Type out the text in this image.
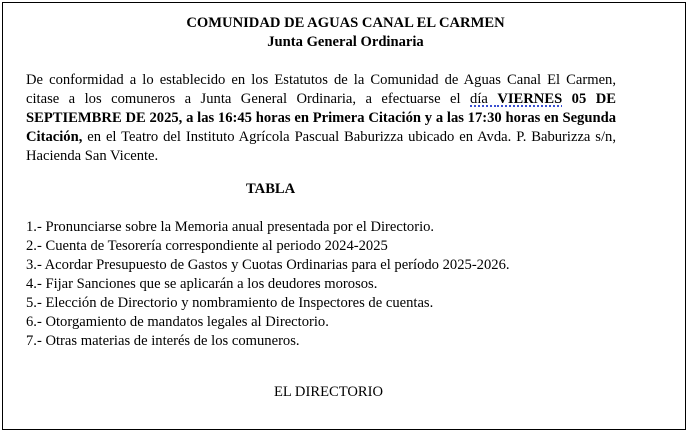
COMUNIDAD DE AGUAS CANAL EL CARMEN
Junta General Ordinaria

De conformidad a lo establecido en los Estatutos de la Comunidad de Aguas Canal El Carmen, citase a los comuneros a Junta General Ordinaria, a efectuarse el día VIERNES 05 DE SEPTIEMBRE DE 2025, a las 16:45 horas en Primera Citación y a las 17:30 horas en Segunda Citación, en el Teatro del Instituto Agrícola Pascual Baburizza ubicado en Avda. P. Baburizza s/n, Hacienda San Vicente.

TABLA
1.- Pronunciarse sobre la Memoria anual presentada por el Directorio.
2.- Cuenta de Tesorería correspondiente al periodo 2024-2025
3.- Acordar Presupuesto de Gastos y Cuotas Ordinarias para el período 2025-2026.
4.- Fijar Sanciones que se aplicarán a los deudores morosos.
5.- Elección de Directorio y nombramiento de Inspectores de cuentas.
6.- Otorgamiento de mandatos legales al Directorio.
7.- Otras materias de interés de los comuneros.

EL DIRECTORIO
